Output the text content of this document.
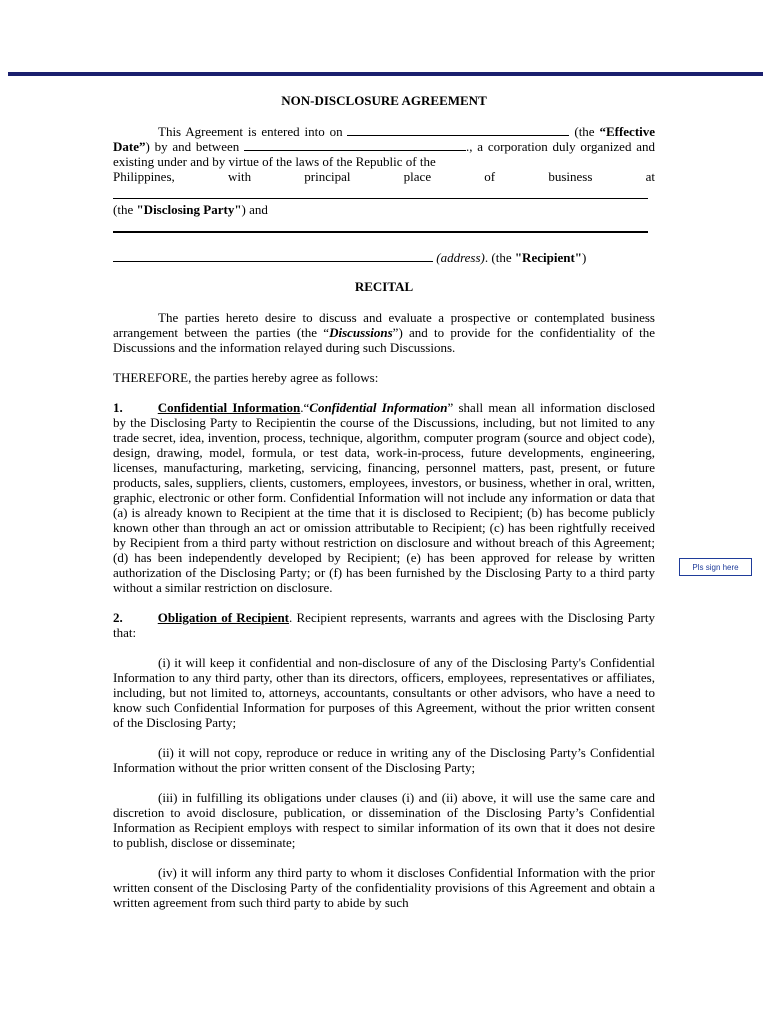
NON-DISCLOSURE AGREEMENT

This Agreement is entered into on	(the “Effective Date”) by and between	., a corporation duly organized and existing under and by virtue of the laws of the Republic of the

Philippines,	with	principal	place	of	business	at

(the "Disclosing Party") and

(address). (the "Recipient")

RECITAL

The parties hereto desire to discuss and evaluate a prospective or contemplated business arrangement between the parties (the “Discussions”) and to provide for the confidentiality of the Discussions and the information relayed during such Discussions.

THEREFORE, the parties hereby agree as follows:

1.	Confidential Information.“Confidential Information” shall mean all information disclosed by the Disclosing Party to Recipientin the course of the Discussions, including, but not limited to any trade secret, idea, invention, process, technique, algorithm, computer program (source and object code), design, drawing, model, formula, or test data, work-in-process, future developments, engineering, licenses, manufacturing, marketing, servicing, financing, personnel matters, past, present, or future products, sales, suppliers, clients, customers, employees, investors, or business, whether in oral, written, graphic, electronic or other form. Confidential Information will not include any information or data that (a) is already known to Recipient at the time that it is disclosed to Recipient; (b) has become publicly known other than through an act or omission attributable to Recipient; (c) has been rightfully received by Recipient from a third party without restriction on disclosure and without breach of this Agreement; (d) has been independently developed by Recipient; (e) has been approved for release by written authorization of the Disclosing Party; or (f) has been furnished by the Disclosing Party to a third party without a similar restriction on disclosure.

2.	Obligation of Recipient. Recipient represents, warrants and agrees with the Disclosing Party that:

(i) it will keep it confidential and non-disclosure of any of the Disclosing Party's Confidential Information to any third party, other than its directors, officers, employees, representatives or affiliates, including, but not limited to, attorneys, accountants, consultants or other advisors, who have a need to know such Confidential Information for purposes of this Agreement, without the prior written consent of the Disclosing Party;

(ii) it will not copy, reproduce or reduce in writing any of the Disclosing Party’s Confidential Information without the prior written consent of the Disclosing Party;

(iii) in fulfilling its obligations under clauses (i) and (ii) above, it will use the same care and discretion to avoid disclosure, publication, or dissemination of the Disclosing Party’s Confidential Information as Recipient employs with respect to similar information of its own that it does not desire to publish, disclose or disseminate;

(iv) it will inform any third party to whom it discloses Confidential Information with the prior written consent of the Disclosing Party of the confidentiality provisions of this Agreement and obtain a written agreement from such third party to abide by such

Pls sign here
